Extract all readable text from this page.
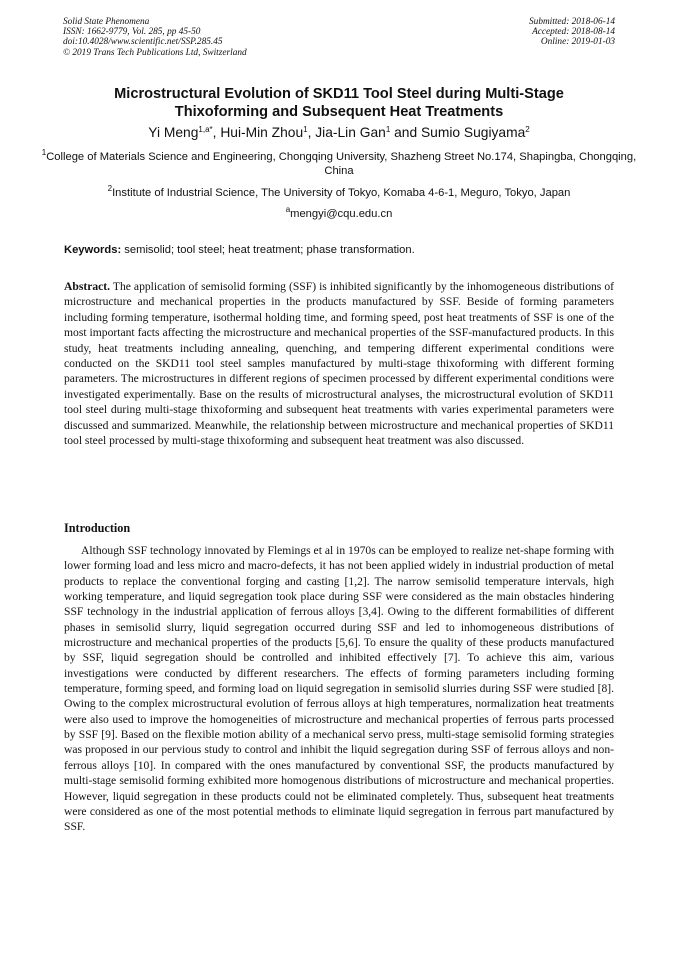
Solid State Phenomena
ISSN: 1662-9779, Vol. 285, pp 45-50
doi:10.4028/www.scientific.net/SSP.285.45
© 2019 Trans Tech Publications Ltd, Switzerland
Submitted: 2018-06-14
Accepted: 2018-08-14
Online: 2019-01-03
Microstructural Evolution of SKD11 Tool Steel during Multi-Stage
Thixoforming and Subsequent Heat Treatments
Yi Meng$^{1,a*}$, Hui-Min Zhou$^1$, Jia-Lin Gan$^1$ and Sumio Sugiyama$^2$
$^1$College of Materials Science and Engineering, Chongqing University, Shazheng Street No.174, Shapingba, Chongqing, China
$^2$Institute of Industrial Science, The University of Tokyo, Komaba 4-6-1, Meguro, Tokyo, Japan
$^a$mengyi@cqu.edu.cn
Keywords: semisolid; tool steel; heat treatment; phase transformation.

Abstract. The application of semisolid forming (SSF) is inhibited significantly by the inhomogeneous distributions of microstructure and mechanical properties in the products manufactured by SSF. Beside of forming parameters including forming temperature, isothermal holding time, and forming speed, post heat treatments of SSF is one of the most important facts affecting the microstructure and mechanical properties of the SSF-manufactured products. In this study, heat treatments including annealing, quenching, and tempering different experimental conditions were conducted on the SKD11 tool steel samples manufactured by multi-stage thixoforming with different forming parameters. The microstructures in different regions of specimen processed by different experimental conditions were investigated experimentally. Base on the results of microstructural analyses, the microstructural evolution of SKD11 tool steel during multi-stage thixoforming and subsequent heat treatments with varies experimental parameters were discussed and summarized. Meanwhile, the relationship between microstructure and mechanical properties of SKD11 tool steel processed by multi-stage thixoforming and subsequent heat treatment was also discussed.

Introduction

Although SSF technology innovated by Flemings et al in 1970s can be employed to realize net-shape forming with lower forming load and less micro and macro-defects, it has not been applied widely in industrial production of metal products to replace the conventional forging and casting [1,2]. The narrow semisolid temperature intervals, high working temperature, and liquid segregation took place during SSF were considered as the main obstacles hindering SSF technology in the industrial application of ferrous alloys [3,4]. Owing to the different formabilities of different phases in semisolid slurry, liquid segregation occurred during SSF and led to inhomogeneous distributions of microstructure and mechanical properties of the products [5,6]. To ensure the quality of these products manufactured by SSF, liquid segregation should be controlled and inhibited effectively [7]. To achieve this aim, various investigations were conducted by different researchers. The effects of forming parameters including forming temperature, forming speed, and forming load on liquid segregation in semisolid slurries during SSF were studied [8]. Owing to the complex microstructural evolution of ferrous alloys at high temperatures, normalization heat treatments were also used to improve the homogeneities of microstructure and mechanical properties of ferrous parts processed by SSF [9]. Based on the flexible motion ability of a mechanical servo press, multi-stage semisolid forming strategies was proposed in our pervious study to control and inhibit the liquid segregation during SSF of ferrous alloys and non-ferrous alloys [10]. In compared with the ones manufactured by conventional SSF, the products manufactured by multi-stage semisolid forming exhibited more homogenous distributions of microstructure and mechanical properties. However, liquid segregation in these products could not be eliminated completely. Thus, subsequent heat treatments were considered as one of the most potential methods to eliminate liquid segregation in ferrous part manufactured by SSF.
